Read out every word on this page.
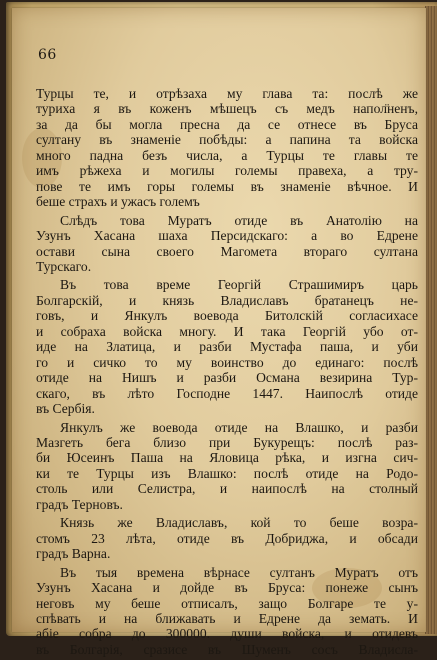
66
Турцы те, и отрѣзаха му глава та: послѣ же
туриха я въ коженъ мѣшецъ съ медъ напол̈ненъ,
за да бы могла пресна да се отнесе въ Бруса
султану въ знаменіе побѣды: а папина та войска
много падна безъ числа, а Турцы те главы те
имъ рѣжеха и могилы големы правеха, а тру-
пове те имъ горы големы въ знаменіе вѣчное. И
беше страхъ и ужасъ големъ
Слѣдъ това Муратъ отиде въ Анатолію на
Узунъ Хасана шаха Персидскаго: а во Едрене
остави сына своего Магомета втораго султана
Турскаго.
Въ това време Георгій Страшимиръ царь
Болгарскій, и князь Владиславъ братанецъ не-
говъ, и Янкулъ воевода Битолскій согласихасе
и собраха войска многу. И така Георгій убо от-
иде на Златица, и разби Мустафа паша, и уби
го и сичко то му воинство до единаго: послѣ
отиде на Нишъ и разби Османа везирина Тур-
скаго, въ лѣто Господне 1447. Наипослѣ отиде
въ Сербія.
Янкулъ же воевода отиде на Влашко, и разби
Мазгеть бега близо при Букурещъ: послѣ раз-
би Юсеинъ Паша на Яловица рѣка, и изгна сич-
ки те Турцы изъ Влашко: послѣ отиде на Родо-
столь или Селистра, и наипослѣ на столный
градъ Терновъ.
Князь же Владиславъ, кой то беше возра-
стомъ 23 лѣта, отиде въ Добриджа, и обсади
градъ Варна.
Въ тыя времена вѣрнасе султанъ Муратъ отъ
Узунъ Хасана и дойде въ Бруса: понеже сынъ
неговъ му беше отписалъ, защо Болгаре те у-
спѣвать и на ближавать и Едрене да земать. И
абіе собра до 300000. души войска, и отидевъ
въ Болгарія, сразисе въ Шуменъ сосъ Владисла-
